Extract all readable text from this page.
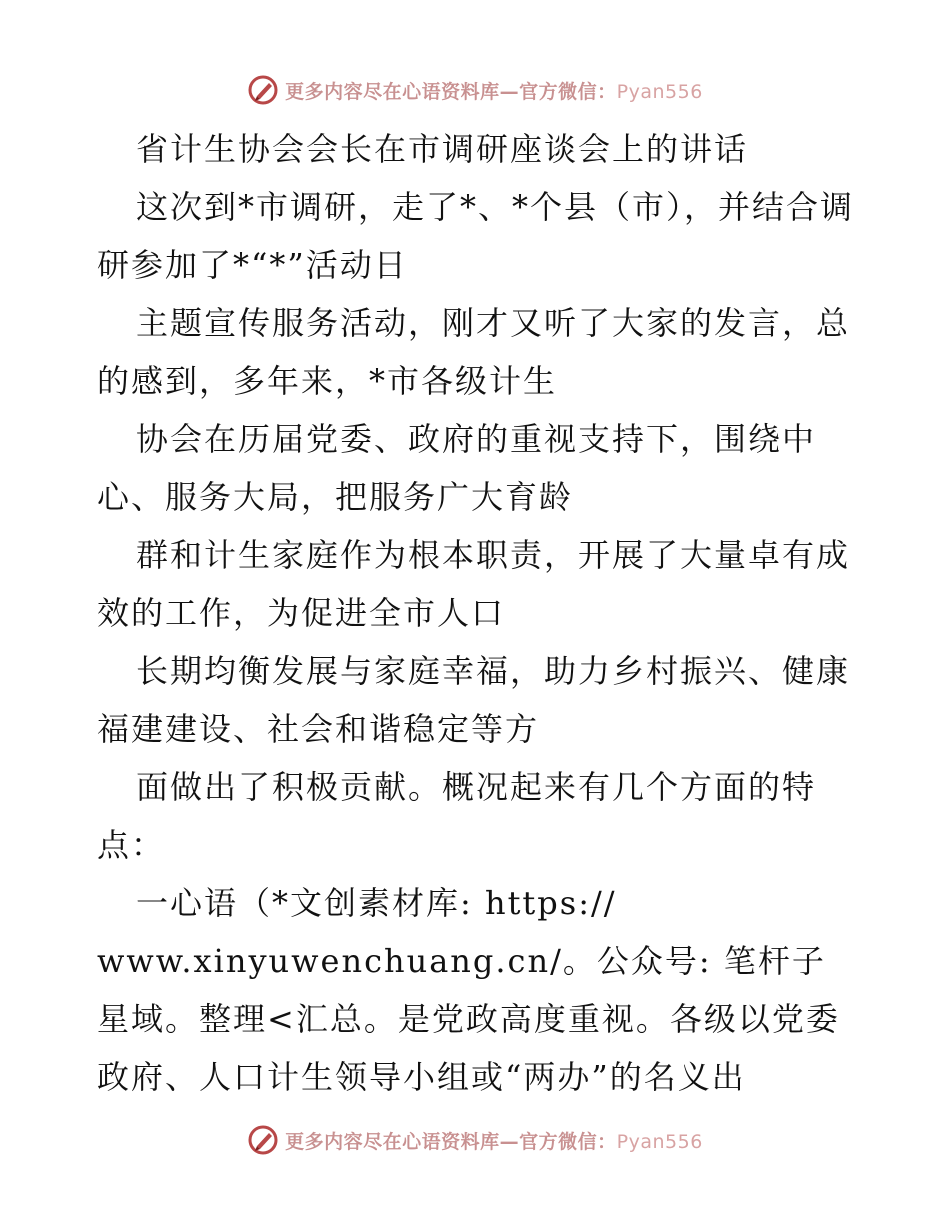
更多内容尽在心语资料库—官方微信：Pyan556

省计生协会会长在市调研座谈会上的讲话

这次到*市调研，走了*、*个县（市），并结合调研参加了*“*”活动日

主题宣传服务活动，刚才又听了大家的发言，总的感到，多年来，*市各级计生

协会在历届党委、政府的重视支持下，围绕中心、服务大局，把服务广大育龄

群和计生家庭作为根本职责，开展了大量卓有成效的工作，为促进全市人口

长期均衡发展与家庭幸福，助力乡村振兴、健康福建建设、社会和谐稳定等方

面做出了积极贡献。概况起来有几个方面的特点：

一心语（*文创素材库: https://

www.xinyuwenchuang.cn/。公众号: 笔杆子星域。整理<汇总。是党政高度重视。各级以党委政府、人口计生领导小组或“两办”的名义出

更多内容尽在心语资料库—官方微信：Pyan556
